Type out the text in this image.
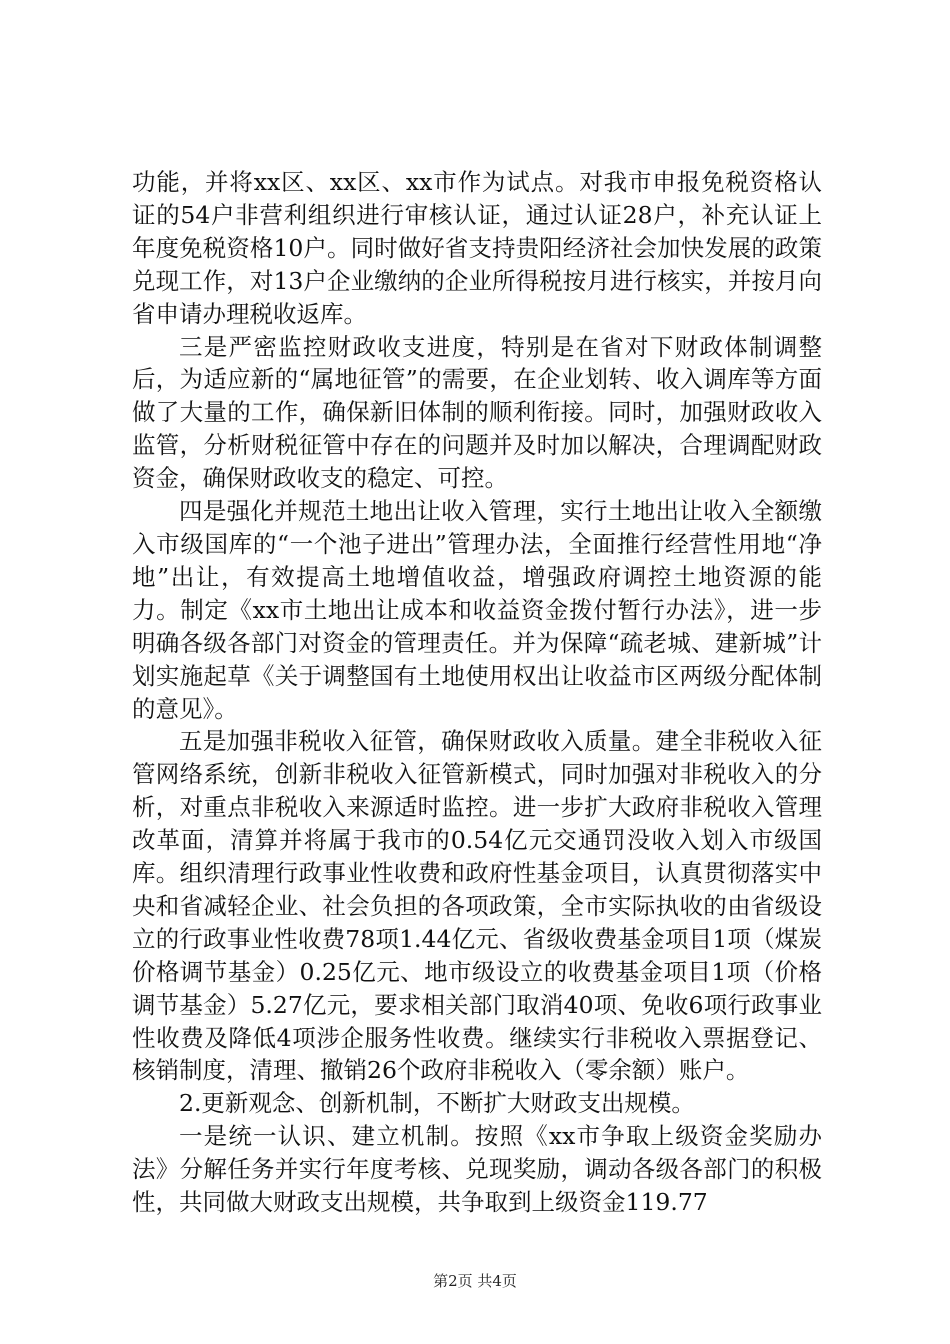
功能，并将xx区、xx区、xx市作为试点。对我市申报免税资格认证的54户非营利组织进行审核认证，通过认证28户，补充认证上年度免税资格10户。同时做好省支持贵阳经济社会加快发展的政策兑现工作，对13户企业缴纳的企业所得税按月进行核实，并按月向省申请办理税收返库。

三是严密监控财政收支进度，特别是在省对下财政体制调整后，为适应新的“属地征管”的需要，在企业划转、收入调库等方面做了大量的工作，确保新旧体制的顺利衔接。同时，加强财政收入监管，分析财税征管中存在的问题并及时加以解决，合理调配财政资金，确保财政收支的稳定、可控。

四是强化并规范土地出让收入管理，实行土地出让收入全额缴入市级国库的“一个池子进出”管理办法，全面推行经营性用地“净地”出让，有效提高土地增值收益，增强政府调控土地资源的能力。制定《xx市土地出让成本和收益资金拨付暂行办法》，进一步明确各级各部门对资金的管理责任。并为保障“疏老城、建新城”计划实施起草《关于调整国有土地使用权出让收益市区两级分配体制的意见》。

五是加强非税收入征管，确保财政收入质量。建全非税收入征管网络系统，创新非税收入征管新模式，同时加强对非税收入的分析，对重点非税收入来源适时监控。进一步扩大政府非税收入管理改革面，清算并将属于我市的0.54亿元交通罚没收入划入市级国库。组织清理行政事业性收费和政府性基金项目，认真贯彻落实中央和省减轻企业、社会负担的各项政策，全市实际执收的由省级设立的行政事业性收费78项1.44亿元、省级收费基金项目1项（煤炭价格调节基金）0.25亿元、地市级设立的收费基金项目1项（价格调节基金）5.27亿元，要求相关部门取消40项、免收6项行政事业性收费及降低4项涉企服务性收费。继续实行非税收入票据登记、核销制度，清理、撤销26个政府非税收入（零余额）账户。

2.更新观念、创新机制，不断扩大财政支出规模。

一是统一认识、建立机制。按照《xx市争取上级资金奖励办法》分解任务并实行年度考核、兑现奖励，调动各级各部门的积极性，共同做大财政支出规模，共争取到上级资金119.77

第2页 共4页
